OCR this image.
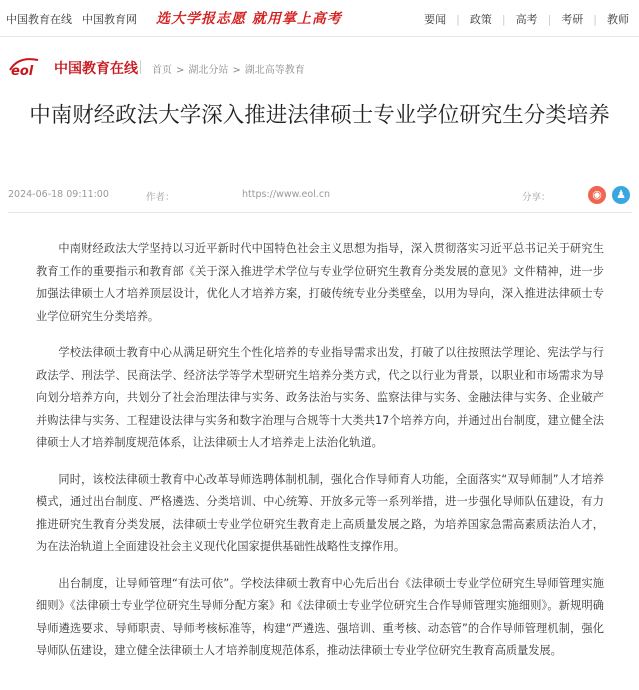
中国教育在线 中国教育网 选大学报志愿 就用掌上高考	要闻 | 政策 | 高考 | 考研 | 教师
eol 中国教育在线 首页 > 湖北分站 > 湖北高等教育
中南财经政法大学深入推进法律硕士专业学位研究生分类培养
2024-06-18 09:11:00	作者：	https://www.eol.cn	分享：	◉	♟

中南财经政法大学坚持以习近平新时代中国特色社会主义思想为指导，深入贯彻落实习近平总书记关于研究生教育工作的重要指示和教育部《关于深入推进学术学位与专业学位研究生教育分类发展的意见》文件精神，进一步加强法律硕士人才培养顶层设计，优化人才培养方案，打破传统专业分类壁垒，以用为导向，深入推进法律硕士专业学位研究生分类培养。

学校法律硕士教育中心从满足研究生个性化培养的专业指导需求出发，打破了以往按照法学理论、宪法学与行政法学、刑法学、民商法学、经济法学等学术型研究生培养分类方式，代之以行业为背景，以职业和市场需求为导向划分培养方向，共划分了社会治理法律与实务、政务法治与实务、监察法律与实务、金融法律与实务、企业破产并购法律与实务、工程建设法律与实务和数字治理与合规等十大类共17个培养方向，并通过出台制度，建立健全法律硕士人才培养制度规范体系，让法律硕士人才培养走上法治化轨道。

同时，该校法律硕士教育中心改革导师选聘体制机制，强化合作导师育人功能，全面落实“双导师制”人才培养模式，通过出台制度、严格遴选、分类培训、中心统筹、开放多元等一系列举措，进一步强化导师队伍建设，有力推进研究生教育分类发展，法律硕士专业学位研究生教育走上高质量发展之路，为培养国家急需高素质法治人才，为在法治轨道上全面建设社会主义现代化国家提供基础性战略性支撑作用。

出台制度，让导师管理“有法可依”。学校法律硕士教育中心先后出台《法律硕士专业学位研究生导师管理实施细则》《法律硕士专业学位研究生导师分配方案》和《法律硕士专业学位研究生合作导师管理实施细则》。新规明确导师遴选要求、导师职责、导师考核标准等，构建“严遴选、强培训、重考核、动态管”的合作导师管理机制，强化导师队伍建设，建立健全法律硕士人才培养制度规范体系，推动法律硕士专业学位研究生教育高质量发展。
